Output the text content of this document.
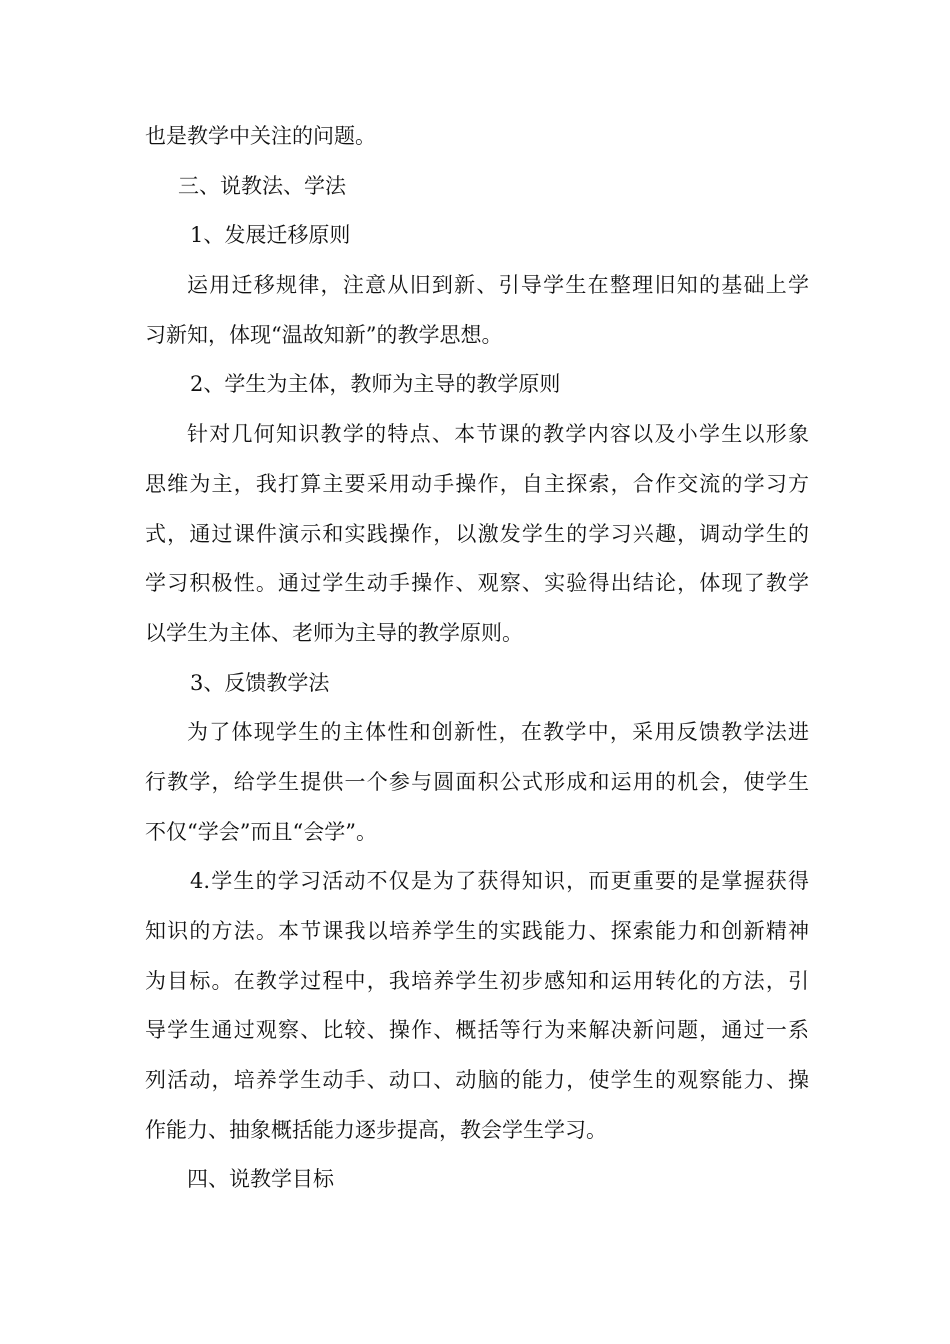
也是教学中关注的问题。

三、说教法、学法

1、发展迁移原则

运用迁移规律，注意从旧到新、引导学生在整理旧知的基础上学

习新知，体现“温故知新”的教学思想。

2、学生为主体，教师为主导的教学原则

针对几何知识教学的特点、本节课的教学内容以及小学生以形象

思维为主，我打算主要采用动手操作，自主探索，合作交流的学习方

式，通过课件演示和实践操作，以激发学生的学习兴趣，调动学生的

学习积极性。通过学生动手操作、观察、实验得出结论，体现了教学

以学生为主体、老师为主导的教学原则。

3、反馈教学法

为了体现学生的主体性和创新性，在教学中，采用反馈教学法进

行教学，给学生提供一个参与圆面积公式形成和运用的机会，使学生

不仅“学会”而且“会学”。

4.学生的学习活动不仅是为了获得知识，而更重要的是掌握获得

知识的方法。本节课我以培养学生的实践能力、探索能力和创新精神

为目标。在教学过程中，我培养学生初步感知和运用转化的方法，引

导学生通过观察、比较、操作、概括等行为来解决新问题，通过一系

列活动，培养学生动手、动口、动脑的能力，使学生的观察能力、操

作能力、抽象概括能力逐步提高，教会学生学习。

四、说教学目标
